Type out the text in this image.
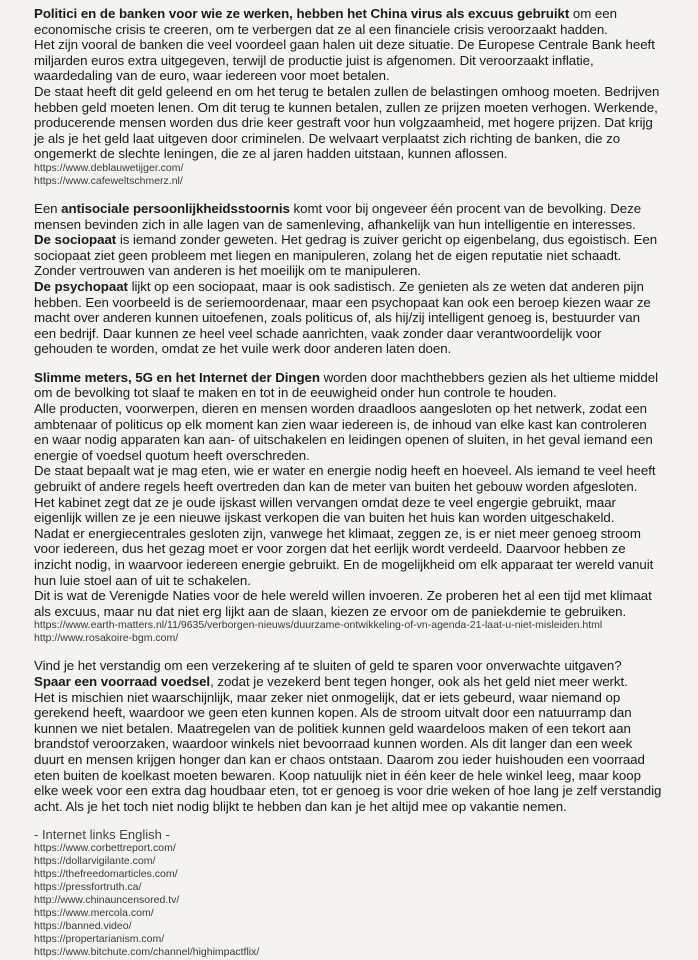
Politici en de banken voor wie ze werken, hebben het China virus als excuus gebruikt om een economische crisis te creeren, om te verbergen dat ze al een financiele crisis veroorzaakt hadden.

Het zijn vooral de banken die veel voordeel gaan halen uit deze situatie. De Europese Centrale Bank heeft miljarden euros extra uitgegeven, terwijl de productie juist is afgenomen. Dit veroorzaakt inflatie, waardedaling van de euro, waar iedereen voor moet betalen.

De staat heeft dit geld geleend en om het terug te betalen zullen de belastingen omhoog moeten. Bedrijven hebben geld moeten lenen. Om dit terug te kunnen betalen, zullen ze prijzen moeten verhogen. Werkende, producerende mensen worden dus drie keer gestraft voor hun volgzaamheid, met hogere prijzen. Dat krijg je als je het geld laat uitgeven door criminelen. De welvaart verplaatst zich richting de banken, die zo ongemerkt de slechte leningen, die ze al jaren hadden uitstaan, kunnen aflossen.

https://www.deblauwetijger.com/

https://www.cafeweltschmerz.nl/

Een antisociale persoonlijkheidsstoornis komt voor bij ongeveer één procent van de bevolking. Deze mensen bevinden zich in alle lagen van de samenleving, afhankelijk van hun intelligentie en interesses.

De sociopaat is iemand zonder geweten. Het gedrag is zuiver gericht op eigenbelang, dus egoistisch. Een sociopaat ziet geen probleem met liegen en manipuleren, zolang het de eigen reputatie niet schaadt. Zonder vertrouwen van anderen is het moeilijk om te manipuleren.

De psychopaat lijkt op een sociopaat, maar is ook sadistisch. Ze genieten als ze weten dat anderen pijn hebben. Een voorbeeld is de seriemoordenaar, maar een psychopaat kan ook een beroep kiezen waar ze macht over anderen kunnen uitoefenen, zoals politicus of, als hij/zij intelligent genoeg is, bestuurder van een bedrijf. Daar kunnen ze heel veel schade aanrichten, vaak zonder daar verantwoordelijk voor gehouden te worden, omdat ze het vuile werk door anderen laten doen.

Slimme meters, 5G en het Internet der Dingen worden door machthebbers gezien als het ultieme middel om de bevolking tot slaaf te maken en tot in de eeuwigheid onder hun controle te houden.

Alle producten, voorwerpen, dieren en mensen worden draadloos aangesloten op het netwerk, zodat een ambtenaar of politicus op elk moment kan zien waar iedereen is, de inhoud van elke kast kan controleren en waar nodig apparaten kan aan- of uitschakelen en leidingen openen of sluiten, in het geval iemand een energie of voedsel quotum heeft overschreden.

De staat bepaalt wat je mag eten, wie er water en energie nodig heeft en hoeveel. Als iemand te veel heeft gebruikt of andere regels heeft overtreden dan kan de meter van buiten het gebouw worden afgesloten.

Het kabinet zegt dat ze je oude ijskast willen vervangen omdat deze te veel engergie gebruikt, maar eigenlijk willen ze je een nieuwe ijskast verkopen die van buiten het huis kan worden uitgeschakeld.

Nadat er energiecentrales gesloten zijn, vanwege het klimaat, zeggen ze, is er niet meer genoeg stroom voor iedereen, dus het gezag moet er voor zorgen dat het eerlijk wordt verdeeld. Daarvoor hebben ze inzicht nodig, in waarvoor iedereen energie gebruikt. En de mogelijkheid om elk apparaat ter wereld vanuit hun luie stoel aan of uit te schakelen.

Dit is wat de Verenigde Naties voor de hele wereld willen invoeren. Ze proberen het al een tijd met klimaat als excuus, maar nu dat niet erg lijkt aan de slaan, kiezen ze ervoor om de paniekdemie te gebruiken.

https://www.earth-matters.nl/11/9635/verborgen-nieuws/duurzame-ontwikkeling-of-vn-agenda-21-laat-u-niet-misleiden.html

http://www.rosakoire-bgm.com/

Vind je het verstandig om een verzekering af te sluiten of geld te sparen voor onverwachte uitgaven?

Spaar een voorraad voedsel, zodat je vezekerd bent tegen honger, ook als het geld niet meer werkt.

Het is mischien niet waarschijnlijk, maar zeker niet onmogelijk, dat er iets gebeurd, waar niemand op gerekend heeft, waardoor we geen eten kunnen kopen. Als de stroom uitvalt door een natuurramp dan kunnen we niet betalen. Maatregelen van de politiek kunnen geld waardeloos maken of een tekort aan brandstof veroorzaken, waardoor winkels niet bevoorraad kunnen worden. Als dit langer dan een week duurt en mensen krijgen honger dan kan er chaos ontstaan. Daarom zou ieder huishouden een voorraad eten buiten de koelkast moeten bewaren. Koop natuulijk niet in één keer de hele winkel leeg, maar koop elke week voor een extra dag houdbaar eten, tot er genoeg is voor drie weken of hoe lang je zelf verstandig acht. Als je het toch niet nodig blijkt te hebben dan kan je het altijd mee op vakantie nemen.

- Internet links English -

https://www.corbettreport.com/

https://dollarvigilante.com/

https://thefreedomarticles.com/

https://pressfortruth.ca/

http://www.chinauncensored.tv/

https://www.mercola.com/

https://banned.video/

https://propertarianism.com/

https://www.bitchute.com/channel/highimpactflix/
